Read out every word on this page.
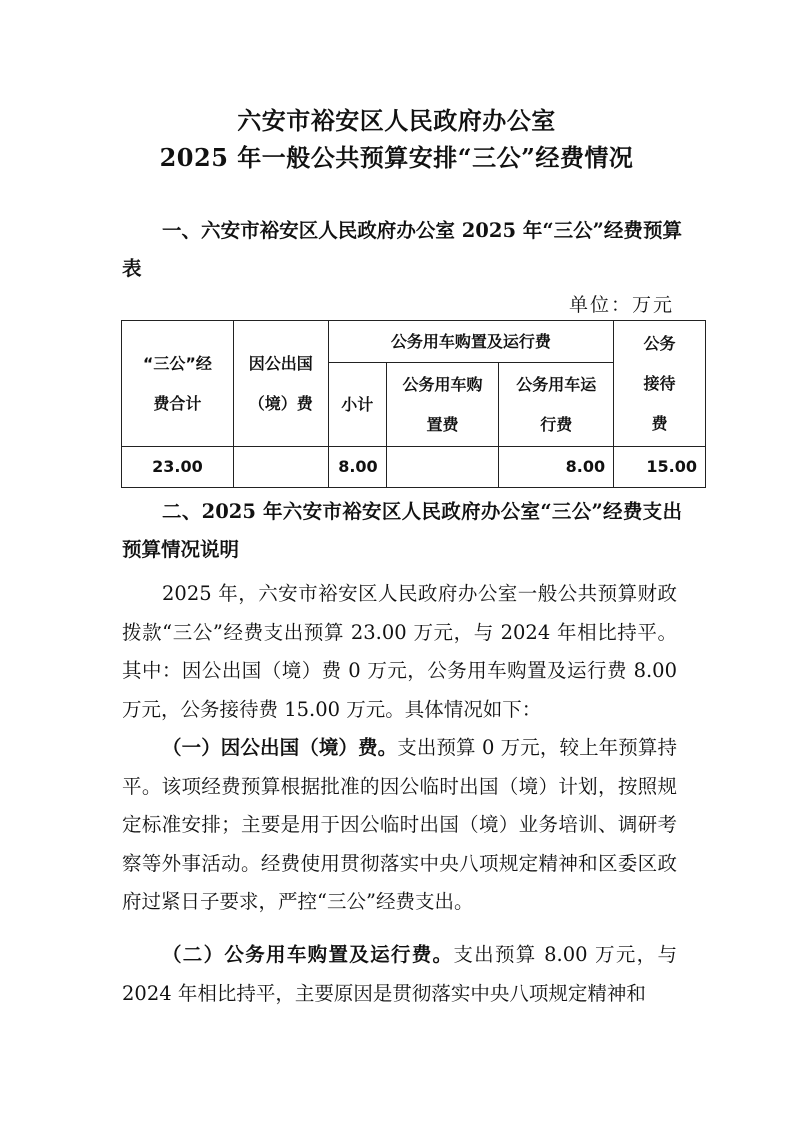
六安市裕安区人民政府办公室
2025 年一般公共预算安排“三公”经费情况
一、六安市裕安区人民政府办公室 2025 年“三公”经费预算表
单位：万元
“三公”经费合计	因公出国（境）费	公务用车购置及运行费			公务接待费
		小计	公务用车购置费	公务用车运行费	
23.00		8.00		8.00	15.00
二、2025 年六安市裕安区人民政府办公室“三公”经费支出预算情况说明
2025 年，六安市裕安区人民政府办公室一般公共预算财政拨款“三公”经费支出预算 23.00 万元，与 2024 年相比持平。其中：因公出国（境）费 0 万元，公务用车购置及运行费 8.00 万元，公务接待费 15.00 万元。具体情况如下：
（一）因公出国（境）费。支出预算 0 万元，较上年预算持平。该项经费预算根据批准的因公临时出国（境）计划，按照规定标准安排；主要是用于因公临时出国（境）业务培训、调研考察等外事活动。经费使用贯彻落实中央八项规定精神和区委区政府过紧日子要求，严控“三公”经费支出。
（二）公务用车购置及运行费。支出预算 8.00 万元，与 2024 年相比持平，主要原因是贯彻落实中央八项规定精神和
